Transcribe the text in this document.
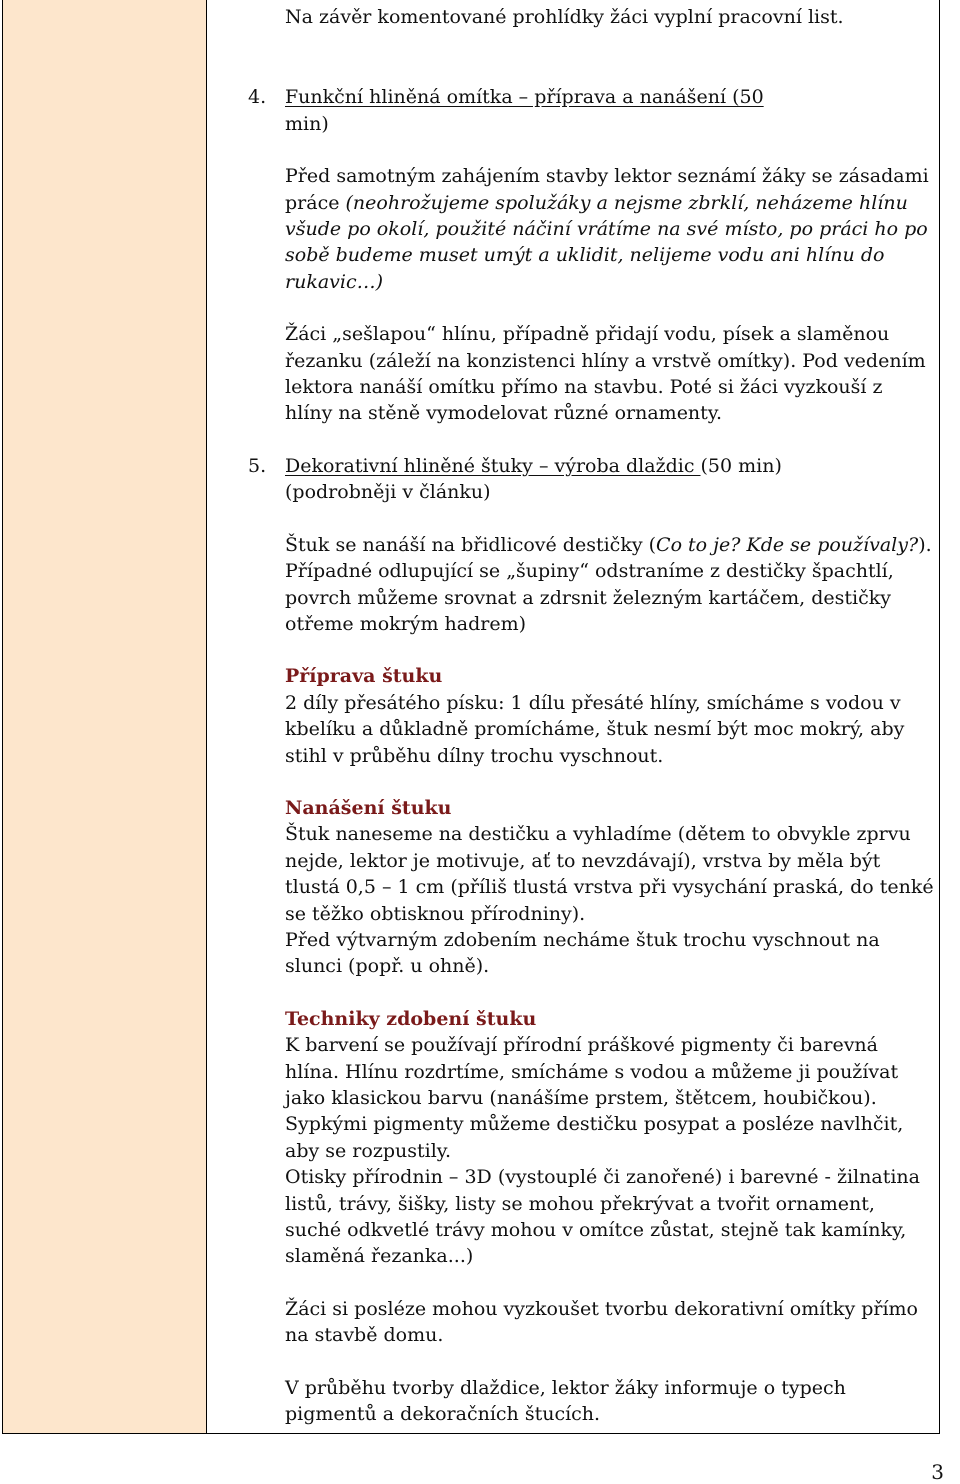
Na závěr komentované prohlídky žáci vyplní pracovní list.

4. Funkční hliněná omítka – příprava a nanášení (50
min)

Před samotným zahájením stavby lektor seznámí žáky se zásadami práce (neohrožujeme spolužáky a nejsme zbrklí, neházeme hlínu všude po okolí, použité náčiní vrátíme na své místo, po práci ho po sobě budeme muset umýt a uklidit, nelijeme vodu ani hlínu do rukavic…)

Žáci „sešlapou“ hlínu, případně přidají vodu, písek a slaměnou řezanku (záleží na konzistenci hlíny a vrstvě omítky). Pod vedením lektora nanáší omítku přímo na stavbu. Poté si žáci vyzkouší z hlíny na stěně vymodelovat různé ornamenty.

5. Dekorativní hliněné štuky – výroba dlaždic (50 min)
(podrobněji v článku)

Štuk se nanáší na břidlicové destičky (Co to je? Kde se používaly?). Případné odlupující se „šupiny“ odstraníme z destičky špachtlí, povrch můžeme srovnat a zdrsnit železným kartáčem, destičky otřeme mokrým hadrem)

Příprava štuku

2 díly přesátého písku: 1 dílu přesáté hlíny, smícháme s vodou v kbelíku a důkladně promícháme, štuk nesmí být moc mokrý, aby stihl v průběhu dílny trochu vyschnout.

Nanášení štuku

Štuk naneseme na destičku a vyhladíme (dětem to obvykle zprvu nejde, lektor je motivuje, ať to nevzdávají), vrstva by měla být tlustá 0,5 – 1 cm (příliš tlustá vrstva při vysychání praská, do tenké se těžko obtisknou přírodniny).

Před výtvarným zdobením necháme štuk trochu vyschnout na slunci (popř. u ohně).

Techniky zdobení štuku

K barvení se používají přírodní práškové pigmenty či barevná hlína. Hlínu rozdrtíme, smícháme s vodou a můžeme ji používat jako klasickou barvu (nanášíme prstem, štětcem, houbičkou). Sypkými pigmenty můžeme destičku posypat a posléze navlhčit, aby se rozpustily.

Otisky přírodnin – 3D (vystouplé či zanořené) i barevné - žilnatina listů, trávy, šišky, listy se mohou překrývat a tvořit ornament, suché odkvetlé trávy mohou v omítce zůstat, stejně tak kamínky, slaměná řezanka...)

Žáci si posléze mohou vyzkoušet tvorbu dekorativní omítky přímo na stavbě domu.

V průběhu tvorby dlaždice, lektor žáky informuje o typech pigmentů a dekoračních štucích.

3
